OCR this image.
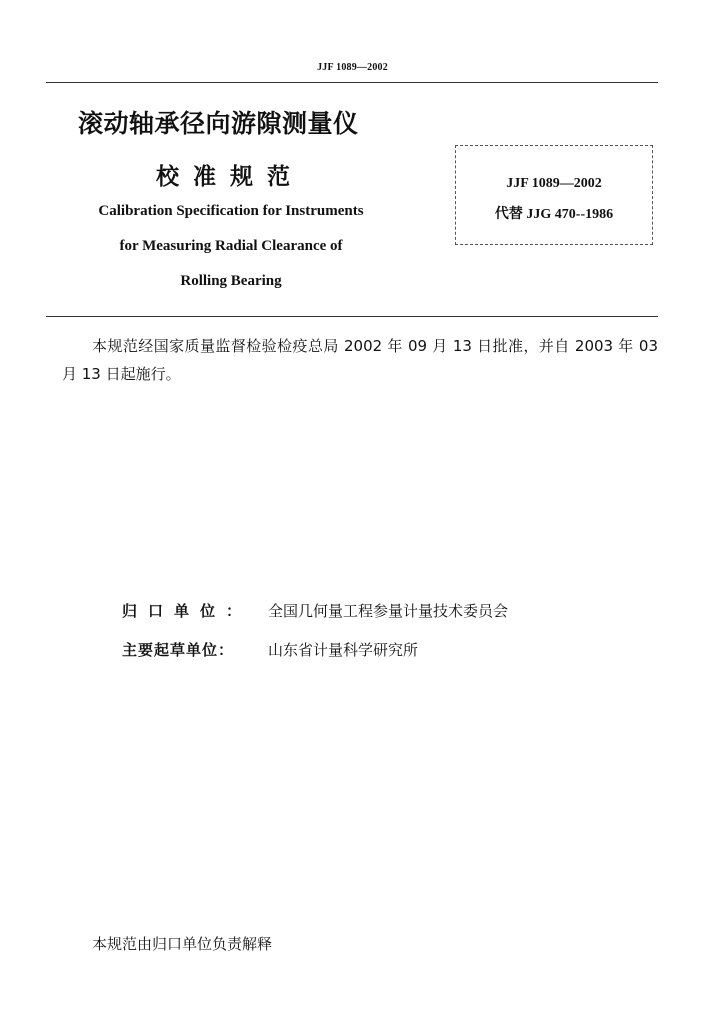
JJF 1089—2002
滚动轴承径向游隙测量仪
校准规范
Calibration Specification for Instruments
for Measuring Radial Clearance of
Rolling Bearing
JJF 1089—2002
代替 JJG 470--1986
本规范经国家质量监督检验检疫总局 2002 年 09 月 13 日批准，并自 2003 年 03 月 13 日起施行。
归口单位： 全国几何量工程参量计量技术委员会
主要起草单位：	山东省计量科学研究所
本规范由归口单位负责解释
